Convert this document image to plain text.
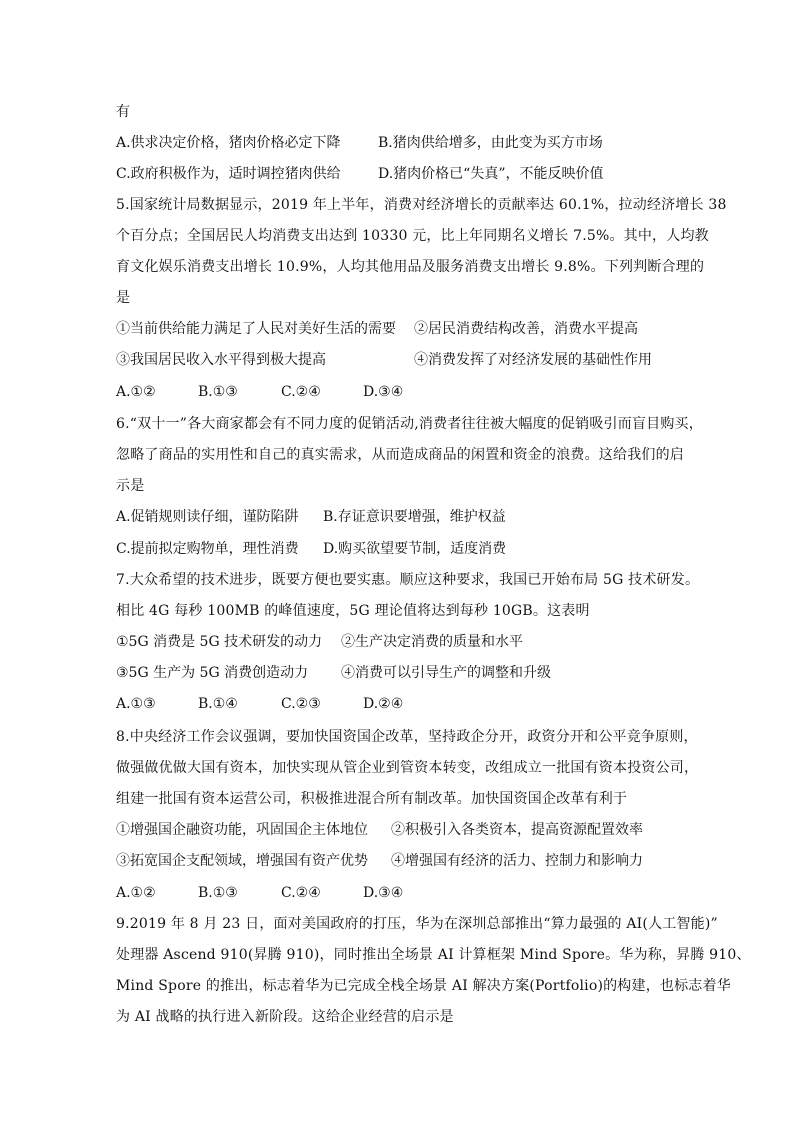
有
A.供求决定价格，猪肉价格必定下降	B.猪肉供给增多，由此变为买方市场
C.政府积极作为，适时调控猪肉供给	D.猪肉价格已“失真”，不能反映价值
5.国家统计局数据显示，2019 年上半年，消费对经济增长的贡献率达 60.1%，拉动经济增长 38
个百分点；全国居民人均消费支出达到 10330 元，比上年同期名义增长 7.5%。其中，人均教
育文化娱乐消费支出增长 10.9%，人均其他用品及服务消费支出增长 9.8%。下列判断合理的
是
①当前供给能力满足了人民对美好生活的需要 ②居民消费结构改善，消费水平提高
③我国居民收入水平得到极大提高	④消费发挥了对经济发展的基础性作用
A.①②	B.①③	C.②④	D.③④
6.“双十一”各大商家都会有不同力度的促销活动,消费者往往被大幅度的促销吸引而盲目购买，
忽略了商品的实用性和自己的真实需求，从而造成商品的闲置和资金的浪费。这给我们的启
示是
A.促销规则读仔细，谨防陷阱 B.存证意识要增强，维护权益
C.提前拟定购物单，理性消费 D.购买欲望要节制，适度消费
7.大众希望的技术进步，既要方便也要实惠。顺应这种要求，我国已开始布局 5G 技术研发。
相比 4G 每秒 100MB 的峰值速度，5G 理论值将达到每秒 10GB。这表明
①5G 消费是 5G 技术研发的动力 ②生产决定消费的质量和水平
③5G 生产为 5G 消费创造动力 ④消费可以引导生产的调整和升级
A.①③	B.①④	C.②③	D.②④
8.中央经济工作会议强调，要加快国资国企改革，坚持政企分开，政资分开和公平竞争原则，
做强做优做大国有资本，加快实现从管企业到管资本转变，改组成立一批国有资本投资公司，
组建一批国有资本运营公司，积极推进混合所有制改革。加快国资国企改革有利于
①增强国企融资功能，巩固国企主体地位 ②积极引入各类资本，提高资源配置效率
③拓宽国企支配领域，增强国有资产优势 ④增强国有经济的活力、控制力和影响力
A.①②	B.①③	C.②④	D.③④
9.2019 年 8 月 23 日，面对美国政府的打压，华为在深圳总部推出“算力最强的 AI(人工智能)”
处理器 Ascend 910(昇腾 910)，同时推出全场景 AI 计算框架 Mind Spore。华为称，昇腾 910、
Mind Spore 的推出，标志着华为已完成全栈全场景 AI 解决方案(Portfolio)的构建，也标志着华
为 AI 战略的执行进入新阶段。这给企业经营的启示是
